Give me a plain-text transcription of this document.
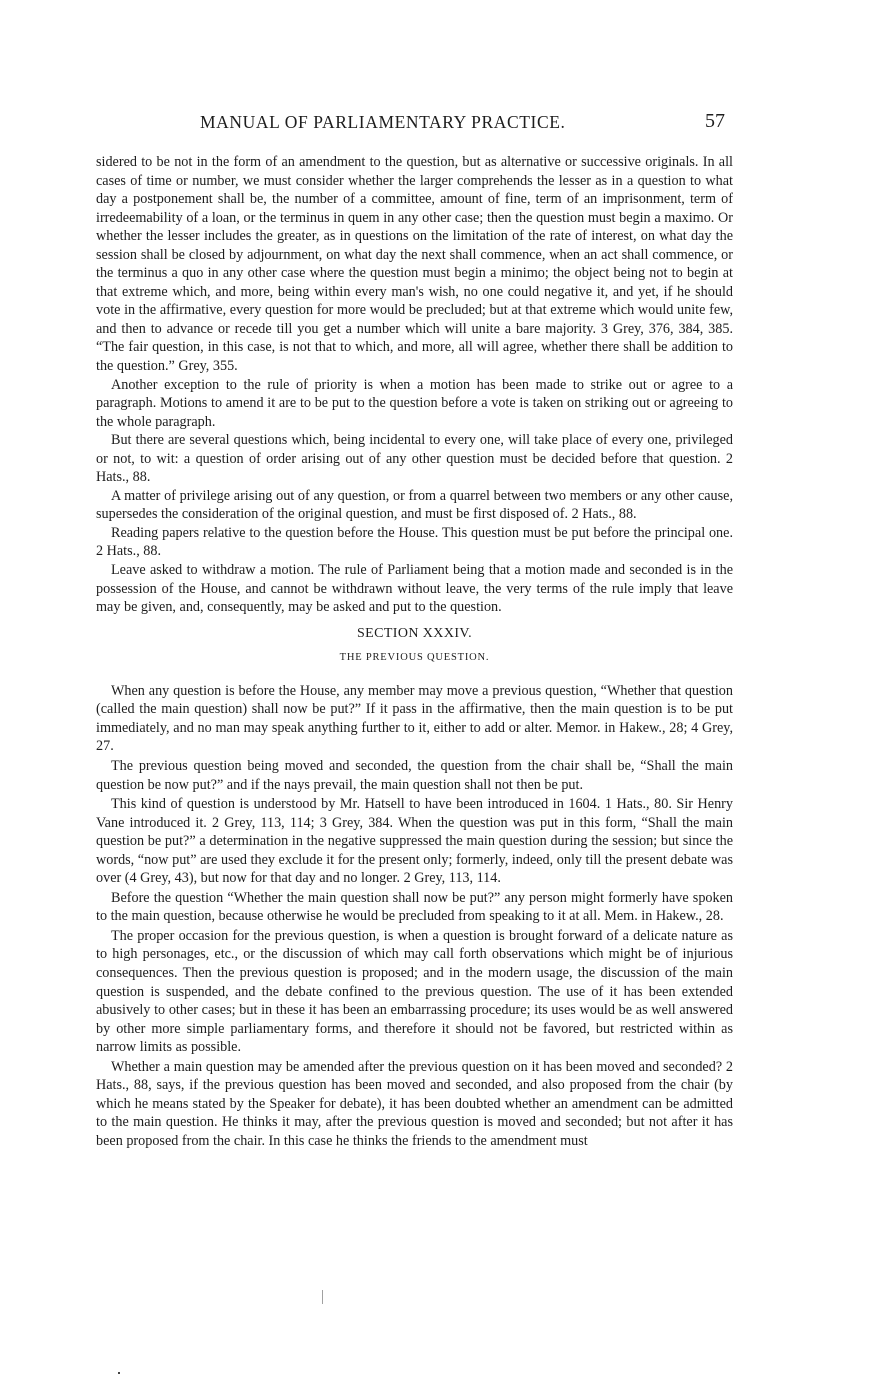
MANUAL OF PARLIAMENTARY PRACTICE.	57

sidered to be not in the form of an amendment to the question, but as alternative or successive originals. In all cases of time or number, we must consider whether the larger comprehends the lesser as in a question to what day a postponement shall be, the number of a committee, amount of fine, term of an imprisonment, term of irredeemability of a loan, or the terminus in quem in any other case; then the question must begin a maximo. Or whether the lesser includes the greater, as in questions on the limitation of the rate of interest, on what day the session shall be closed by adjournment, on what day the next shall commence, when an act shall commence, or the terminus a quo in any other case where the question must begin a minimo; the object being not to begin at that extreme which, and more, being within every man's wish, no one could negative it, and yet, if he should vote in the affirmative, every question for more would be precluded; but at that extreme which would unite few, and then to advance or recede till you get a number which will unite a bare majority. 3 Grey, 376, 384, 385. “The fair question, in this case, is not that to which, and more, all will agree, whether there shall be addition to the question.” Grey, 355.

Another exception to the rule of priority is when a motion has been made to strike out or agree to a paragraph. Motions to amend it are to be put to the question before a vote is taken on striking out or agreeing to the whole paragraph.

But there are several questions which, being incidental to every one, will take place of every one, privileged or not, to wit: a question of order arising out of any other question must be decided before that question. 2 Hats., 88.

A matter of privilege arising out of any question, or from a quarrel between two members or any other cause, supersedes the consideration of the original question, and must be first disposed of. 2 Hats., 88.

Reading papers relative to the question before the House. This question must be put before the principal one. 2 Hats., 88.

Leave asked to withdraw a motion. The rule of Parliament being that a motion made and seconded is in the possession of the House, and cannot be withdrawn without leave, the very terms of the rule imply that leave may be given, and, consequently, may be asked and put to the question.

SECTION XXXIV.
THE PREVIOUS QUESTION.

When any question is before the House, any member may move a previous question, “Whether that question (called the main question) shall now be put?” If it pass in the affirmative, then the main question is to be put immediately, and no man may speak anything further to it, either to add or alter. Memor. in Hakew., 28; 4 Grey, 27.

The previous question being moved and seconded, the question from the chair shall be, “Shall the main question be now put?” and if the nays prevail, the main question shall not then be put.

This kind of question is understood by Mr. Hatsell to have been introduced in 1604. 1 Hats., 80. Sir Henry Vane introduced it. 2 Grey, 113, 114; 3 Grey, 384. When the question was put in this form, “Shall the main question be put?” a determination in the negative suppressed the main question during the session; but since the words, “now put” are used they exclude it for the present only; formerly, indeed, only till the present debate was over (4 Grey, 43), but now for that day and no longer. 2 Grey, 113, 114.

Before the question “Whether the main question shall now be put?” any person might formerly have spoken to the main question, because otherwise he would be precluded from speaking to it at all. Mem. in Hakew., 28.

The proper occasion for the previous question, is when a question is brought forward of a delicate nature as to high personages, etc., or the discussion of which may call forth observations which might be of injurious consequences. Then the previous question is proposed; and in the modern usage, the discussion of the main question is suspended, and the debate confined to the previous question. The use of it has been extended abusively to other cases; but in these it has been an embarrassing procedure; its uses would be as well answered by other more simple parliamentary forms, and therefore it should not be favored, but restricted within as narrow limits as possible.

Whether a main question may be amended after the previous question on it has been moved and seconded? 2 Hats., 88, says, if the previous question has been moved and seconded, and also proposed from the chair (by which he means stated by the Speaker for debate), it has been doubted whether an amendment can be admitted to the main question. He thinks it may, after the previous question is moved and seconded; but not after it has been proposed from the chair. In this case he thinks the friends to the amendment must
